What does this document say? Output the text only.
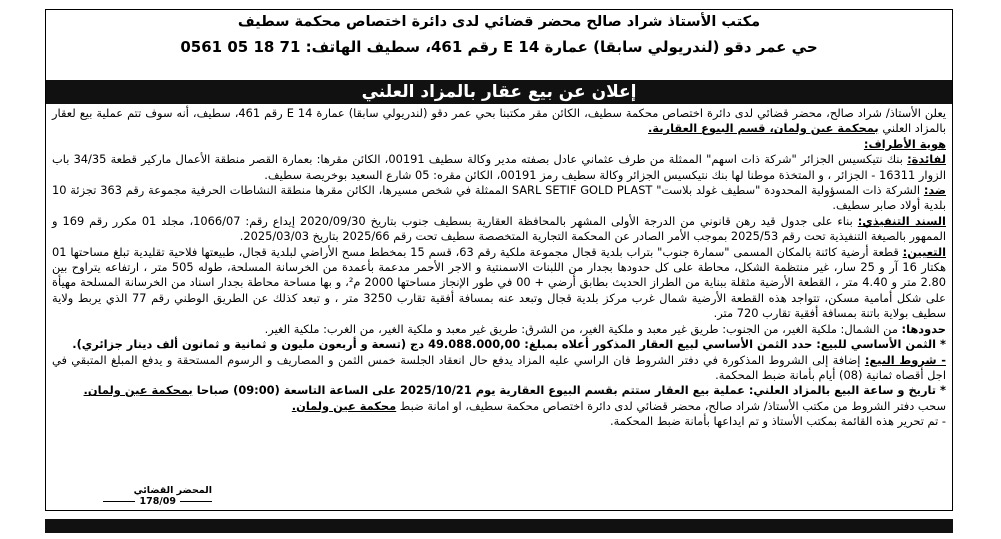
مكتب الأستاذ شراد صالح محضر قضائي لدى دائرة اختصاص محكمة سطيف
حي عمر دقو (لندريولي سابقا) عمارة E 14 رقم 461، سطيف الهاتف: 71 18 05 0561
إعلان عن بيع عقار بالمزاد العلني

يعلن الأستاذ/ شراد صالح، محضر قضائي لدى دائرة اختصاص محكمة سطيف، الكائن مقر مكتبنا بحي عمر دقو (لندريولي سابقا) عمارة E 14 رقم 461، سطيف، أنه سوف تتم عملية بيع لعقار بالمزاد العلني بمحكمة عين ولمان، قسم البيوع العقارية.

هوية الأطراف:

لفائدة: بنك نتيكسيس الجزائر "شركة ذات اسهم" الممثلة من طرف عثماني عادل بصفته مدير وكالة سطيف 00191، الكائن مقرها: بعمارة القصر منطقة الأعمال ماركير قطعة 34/35 باب الزوار 16311 - الجزائر ، و المتخذة موطنا لها بنك نتيكسيس الجزائر وكالة سطيف رمز 00191، الكائن مقره: 05 شارع السعيد بوخريصة سطيف.

ضد: الشركة ذات المسؤولية المحدودة "سطيف غولد بلاست" SARL SETIF GOLD PLAST الممثلة في شخص مسيرها، الكائن مقرها منطقة النشاطات الحرفية مجموعة رقم 363 تجزئة 10 بلدية أولاد صابر سطيف.

السند التنفيذي: بناء على جدول قيد رهن قانوني من الدرجة الأولى المشهر بالمحافظة العقارية بسطيف جنوب بتاريخ 2020/09/30 إيداع رقم: 1066/07، مجلد 01 مكرر رقم 169 و الممهور بالصيغة التنفيذية تحت رقم 2025/53 بموجب الأمر الصادر عن المحكمة التجارية المتخصصة سطيف تحت رقم 2025/66 بتاريخ 2025/03/03.

التعيين: قطعة أرضية كائنة بالمكان المسمى "سمارة جنوب" بتراب بلدية قجال مجموعة ملكية رقم 63، قسم 15 بمخطط مسح الأراضي لبلدية قجال، طبيعتها فلاحية تقليدية تبلغ مساحتها 01 هكتار 16 آر و 25 سار، غير منتظمة الشكل، محاطة على كل حدودها بجدار من اللبنات الاسمنتية و الاجر الأحمر مدعمة بأعمدة من الخرسانة المسلحة، طوله 505 متر ، ارتفاعه يتراوح بين 2.80 متر و 4.40 متر ، القطعة الأرضية مثقلة ببناية من الطراز الحديث بطابق أرضي + 00 في طور الإنجاز مساحتها 2000 م²، و بها مساحة محاطة بجدار اسناد من الخرسانة المسلحة مهيأة على شكل أمامية مسكن، تتواجد هذه القطعة الأرضية شمال غرب مركز بلدية قجال وتبعد عنه بمسافة أفقية تقارب 3250 متر ، و تبعد كذلك عن الطريق الوطني رقم 77 الذي يربط ولاية سطيف بولاية باتنة بمسافة أفقية تقارب 720 متر.

حدودها: من الشمال: ملكية الغير، من الجنوب: طريق غير معبد و ملكية الغير، من الشرق: طريق غير معبد و ملكية الغير، من الغرب: ملكية الغير.

* الثمن الأساسي للبيع: حدد الثمن الأساسي لبيع العقار المذكور أعلاه بمبلغ: 49.088.000,00 دج (تسعة و أربعون مليون و ثمانية و ثمانون ألف دينار جزائري).

- شروط البيع: إضافة إلى الشروط المذكورة في دفتر الشروط فان الراسي عليه المزاد يدفع حال انعقاد الجلسة خمس الثمن و المصاريف و الرسوم المستحقة و يدفع المبلغ المتبقي في اجل أقصاه ثمانية (08) أيام بأمانة ضبط المحكمة.

* تاريخ و ساعة البيع بالمزاد العلني: عملية بيع العقار ستتم بقسم البيوع العقارية يوم 2025/10/21 على الساعة التاسعة (09:00) صباحا بمحكمة عين ولمان.

سحب دفتر الشروط من مكتب الأستاذ/ شراد صالح، محضر قضائي لدى دائرة اختصاص محكمة سطيف، او امانة ضبط محكمة عين ولمان.

- تم تحرير هذه القائمة بمكتب الأستاذ و تم ايداعها بأمانة ضبط المحكمة.

المحضر القضائي
178/09
